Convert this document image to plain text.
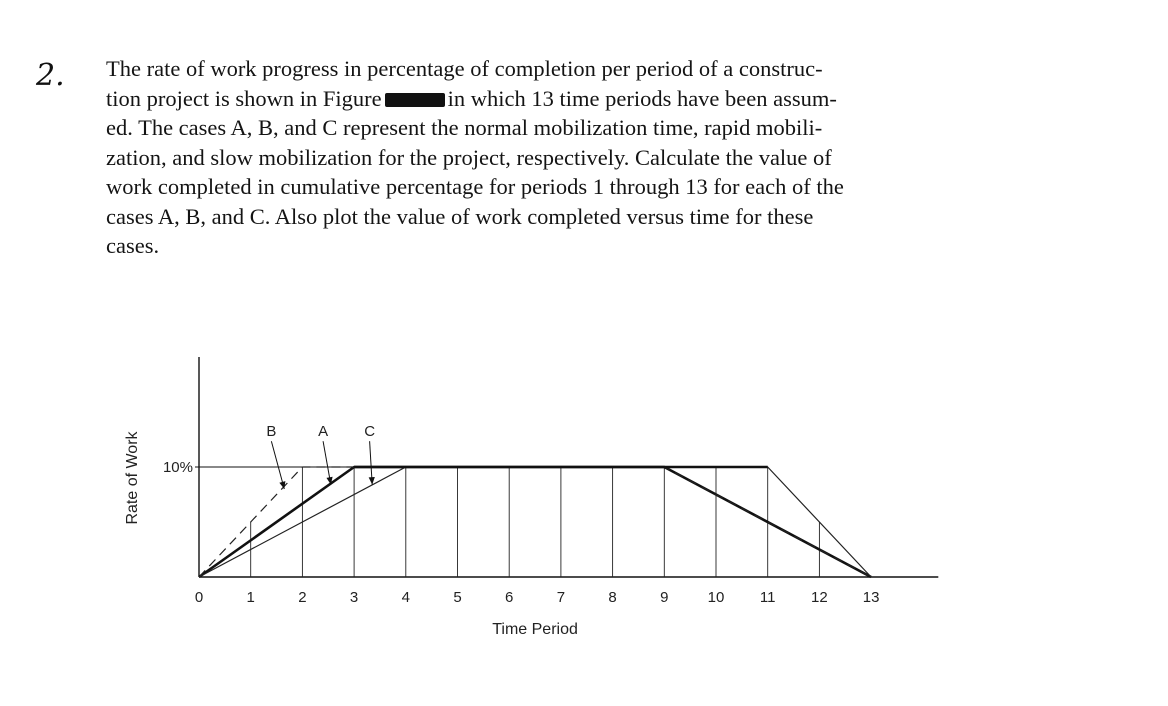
2. The rate of work progress in percentage of completion per period of a construc-
tion project is shown in Figure	in which 13 time periods have been assum-
ed. The cases A, B, and C represent the normal mobilization time, rapid mobili-
zation, and slow mobilization for the project, respectively. Calculate the value of
work completed in cumulative percentage for periods 1 through 13 for each of the
cases A, B, and C. Also plot the value of work completed versus time for these
cases.

10%
0	1	2	3	4	5	6	7	8	9	10 11 12 13
Time Period
Rate of Work	B	A C
